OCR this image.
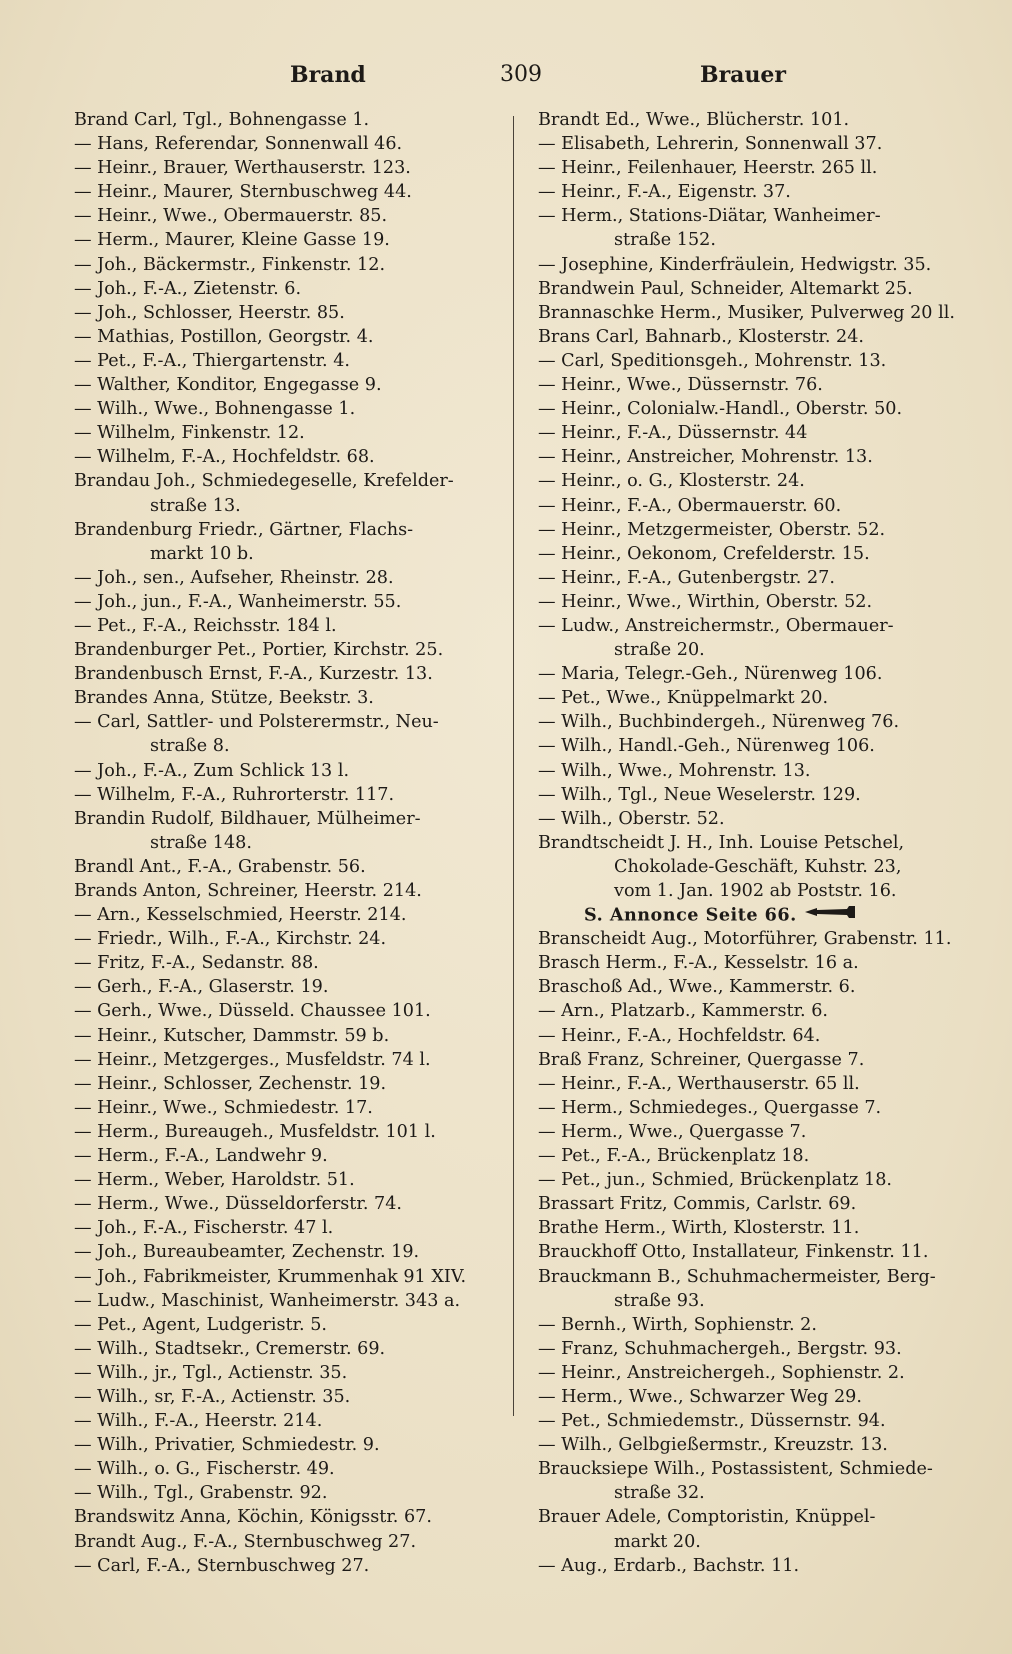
Brand	309	Brauer
Brand Carl, Tgl., Bohnengasse 1.
— Hans, Referendar, Sonnenwall 46.
— Heinr., Brauer, Werthauserstr. 123.
— Heinr., Maurer, Sternbuschweg 44.
— Heinr., Wwe., Obermauerstr. 85.
— Herm., Maurer, Kleine Gasse 19.
— Joh., Bäckermstr., Finkenstr. 12.
— Joh., F.-A., Zietenstr. 6.
— Joh., Schlosser, Heerstr. 85.
— Mathias, Postillon, Georgstr. 4.
— Pet., F.-A., Thiergartenstr. 4.
— Walther, Konditor, Engegasse 9.
— Wilh., Wwe., Bohnengasse 1.
— Wilhelm, Finkenstr. 12.
— Wilhelm, F.-A., Hochfeldstr. 68.
Brandau Joh., Schmiedegeselle, Krefelder-
straße 13.
Brandenburg Friedr., Gärtner, Flachs-
markt 10 b.
— Joh., sen., Aufseher, Rheinstr. 28.
— Joh., jun., F.-A., Wanheimerstr. 55.
— Pet., F.-A., Reichsstr. 184 l.
Brandenburger Pet., Portier, Kirchstr. 25.
Brandenbusch Ernst, F.-A., Kurzestr. 13.
Brandes Anna, Stütze, Beekstr. 3.
— Carl, Sattler- und Polsterermstr., Neu-
straße 8.
— Joh., F.-A., Zum Schlick 13 l.
— Wilhelm, F.-A., Ruhrorterstr. 117.
Brandin Rudolf, Bildhauer, Mülheimer-
straße 148.
Brandl Ant., F.-A., Grabenstr. 56.
Brands Anton, Schreiner, Heerstr. 214.
— Arn., Kesselschmied, Heerstr. 214.
— Friedr., Wilh., F.-A., Kirchstr. 24.
— Fritz, F.-A., Sedanstr. 88.
— Gerh., F.-A., Glaserstr. 19.
— Gerh., Wwe., Düsseld. Chaussee 101.
— Heinr., Kutscher, Dammstr. 59 b.
— Heinr., Metzgerges., Musfeldstr. 74 l.
— Heinr., Schlosser, Zechenstr. 19.
— Heinr., Wwe., Schmiedestr. 17.
— Herm., Bureaugeh., Musfeldstr. 101 l.
— Herm., F.-A., Landwehr 9.
— Herm., Weber, Haroldstr. 51.
— Herm., Wwe., Düsseldorferstr. 74.
— Joh., F.-A., Fischerstr. 47 l.
— Joh., Bureaubeamter, Zechenstr. 19.
— Joh., Fabrikmeister, Krummenhak 91 XIV.
— Ludw., Maschinist, Wanheimerstr. 343 a.
— Pet., Agent, Ludgeristr. 5.
— Wilh., Stadtsekr., Cremerstr. 69.
— Wilh., jr., Tgl., Actienstr. 35.
— Wilh., sr, F.-A., Actienstr. 35.
— Wilh., F.-A., Heerstr. 214.
— Wilh., Privatier, Schmiedestr. 9.
— Wilh., o. G., Fischerstr. 49.
— Wilh., Tgl., Grabenstr. 92.
Brandswitz Anna, Köchin, Königsstr. 67.
Brandt Aug., F.-A., Sternbuschweg 27.
— Carl, F.-A., Sternbuschweg 27.
Brandt Ed., Wwe., Blücherstr. 101.
— Elisabeth, Lehrerin, Sonnenwall 37.
— Heinr., Feilenhauer, Heerstr. 265 ll.
— Heinr., F.-A., Eigenstr. 37.
— Herm., Stations-Diätar, Wanheimer-
straße 152.
— Josephine, Kinderfräulein, Hedwigstr. 35.
Brandwein Paul, Schneider, Altemarkt 25.
Brannaschke Herm., Musiker, Pulverweg 20 ll.
Brans Carl, Bahnarb., Klosterstr. 24.
— Carl, Speditionsgeh., Mohrenstr. 13.
— Heinr., Wwe., Düssernstr. 76.
— Heinr., Colonialw.-Handl., Oberstr. 50.
— Heinr., F.-A., Düssernstr. 44
— Heinr., Anstreicher, Mohrenstr. 13.
— Heinr., o. G., Klosterstr. 24.
— Heinr., F.-A., Obermauerstr. 60.
— Heinr., Metzgermeister, Oberstr. 52.
— Heinr., Oekonom, Crefelderstr. 15.
— Heinr., F.-A., Gutenbergstr. 27.
— Heinr., Wwe., Wirthin, Oberstr. 52.
— Ludw., Anstreichermstr., Obermauer-
straße 20.
— Maria, Telegr.-Geh., Nürenweg 106.
— Pet., Wwe., Knüppelmarkt 20.
— Wilh., Buchbindergeh., Nürenweg 76.
— Wilh., Handl.-Geh., Nürenweg 106.
— Wilh., Wwe., Mohrenstr. 13.
— Wilh., Tgl., Neue Weselerstr. 129.
— Wilh., Oberstr. 52.
Brandtscheidt J. H., Inh. Louise Petschel,
Chokolade-Geschäft, Kuhstr. 23,
vom 1. Jan. 1902 ab Poststr. 16.
S. Annonce Seite 66.
Branscheidt Aug., Motorführer, Grabenstr. 11.
Brasch Herm., F.-A., Kesselstr. 16 a.
Braschoß Ad., Wwe., Kammerstr. 6.
— Arn., Platzarb., Kammerstr. 6.
— Heinr., F.-A., Hochfeldstr. 64.
Braß Franz, Schreiner, Quergasse 7.
— Heinr., F.-A., Werthauserstr. 65 ll.
— Herm., Schmiedeges., Quergasse 7.
— Herm., Wwe., Quergasse 7.
— Pet., F.-A., Brückenplatz 18.
— Pet., jun., Schmied, Brückenplatz 18.
Brassart Fritz, Commis, Carlstr. 69.
Brathe Herm., Wirth, Klosterstr. 11.
Brauckhoff Otto, Installateur, Finkenstr. 11.
Brauckmann B., Schuhmachermeister, Berg-
straße 93.
— Bernh., Wirth, Sophienstr. 2.
— Franz, Schuhmachergeh., Bergstr. 93.
— Heinr., Anstreichergeh., Sophienstr. 2.
— Herm., Wwe., Schwarzer Weg 29.
— Pet., Schmiedemstr., Düssernstr. 94.
— Wilh., Gelbgießermstr., Kreuzstr. 13.
Braucksiepe Wilh., Postassistent, Schmiede-
straße 32.
Brauer Adele, Comptoristin, Knüppel-
markt 20.
— Aug., Erdarb., Bachstr. 11.
